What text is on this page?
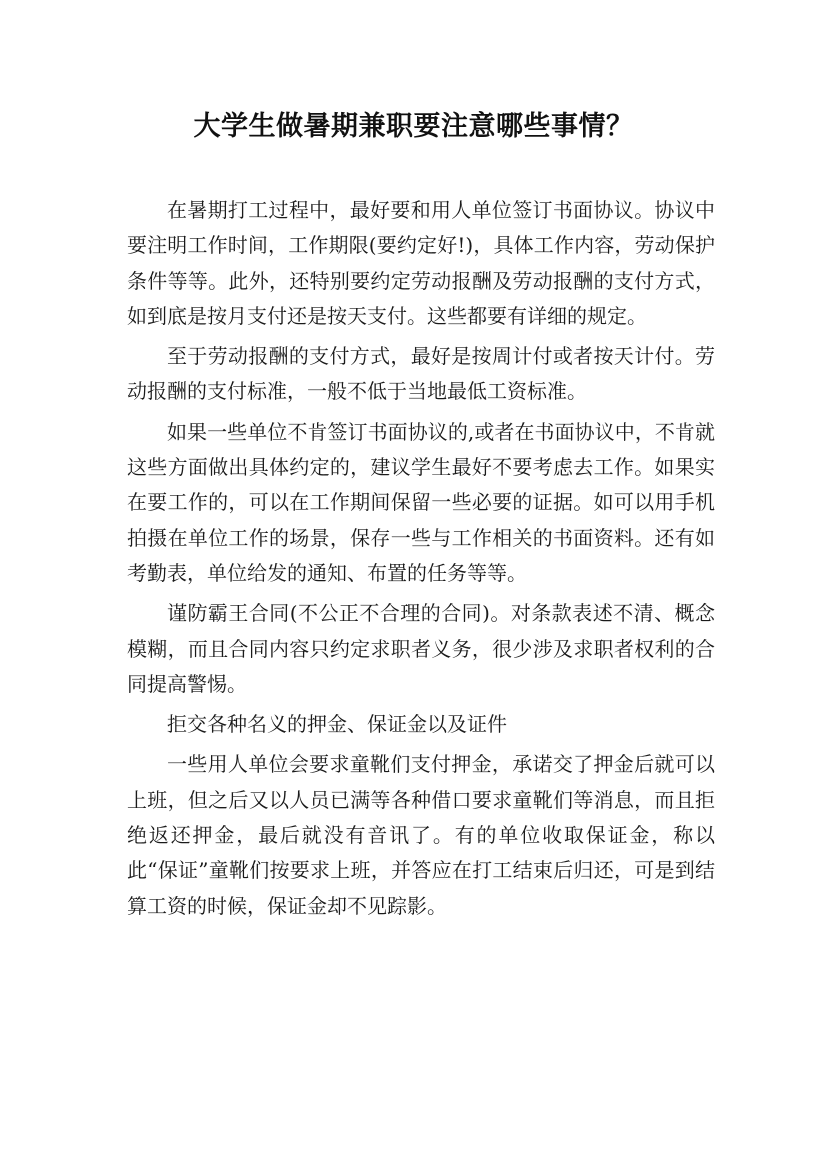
大学生做暑期兼职要注意哪些事情？

在暑期打工过程中，最好要和用人单位签订书面协议。协议中要注明工作时间，工作期限(要约定好!)，具体工作内容，劳动保护条件等等。此外，还特别要约定劳动报酬及劳动报酬的支付方式，如到底是按月支付还是按天支付。这些都要有详细的规定。

至于劳动报酬的支付方式，最好是按周计付或者按天计付。劳动报酬的支付标准，一般不低于当地最低工资标准。

如果一些单位不肯签订书面协议的,或者在书面协议中，不肯就这些方面做出具体约定的，建议学生最好不要考虑去工作。如果实在要工作的，可以在工作期间保留一些必要的证据。如可以用手机拍摄在单位工作的场景，保存一些与工作相关的书面资料。还有如考勤表，单位给发的通知、布置的任务等等。

谨防霸王合同(不公正不合理的合同)。对条款表述不清、概念模糊，而且合同内容只约定求职者义务，很少涉及求职者权利的合同提高警惕。

拒交各种名义的押金、保证金以及证件

一些用人单位会要求童靴们支付押金，承诺交了押金后就可以上班，但之后又以人员已满等各种借口要求童靴们等消息，而且拒绝返还押金，最后就没有音讯了。有的单位收取保证金，称以此“保证”童靴们按要求上班，并答应在打工结束后归还，可是到结算工资的时候，保证金却不见踪影。
